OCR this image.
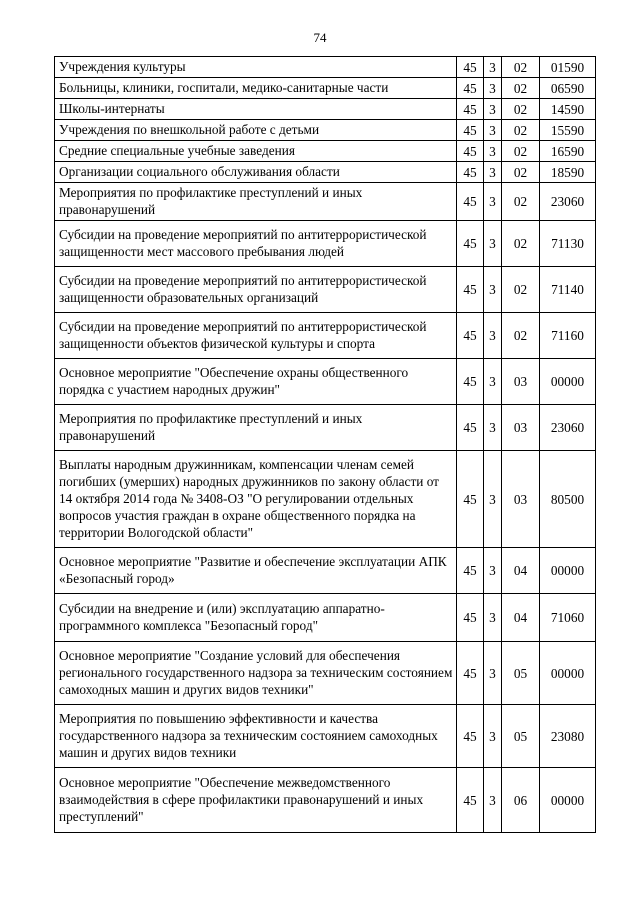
74
Учреждения культуры	45	3	02	01590
Больницы, клиники, госпитали, медико-санитарные части	45	3	02	06590
Школы-интернаты	45	3	02	14590
Учреждения по внешкольной работе с детьми	45	3	02	15590
Средние специальные учебные заведения	45	3	02	16590
Организации социального обслуживания области	45	3	02	18590
Мероприятия по профилактике преступлений и иных правонарушений	45	3	02	23060
Субсидии на проведение мероприятий по антитеррористической защищенности мест массового пребывания людей	45	3	02	71130
Субсидии на проведение мероприятий по антитеррористической защищенности образовательных организаций	45	3	02	71140
Субсидии на проведение мероприятий по антитеррористической защищенности объектов физической культуры и спорта	45	3	02	71160
Основное мероприятие "Обеспечение охраны общественного порядка с участием народных дружин"	45	3	03	00000
Мероприятия по профилактике преступлений и иных правонарушений	45	3	03	23060
Выплаты народным дружинникам, компенсации членам семей погибших (умерших) народных дружинников по закону области от 14 октября 2014 года № 3408-ОЗ "О регулировании отдельных вопросов участия граждан в охране общественного порядка на территории Вологодской области"	45	3	03	80500
Основное мероприятие "Развитие и обеспечение эксплуатации АПК «Безопасный город»	45	3	04	00000
Субсидии на внедрение и (или) эксплуатацию аппаратно-программного комплекса "Безопасный город"	45	3	04	71060
Основное мероприятие "Создание условий для обеспечения регионального государственного надзора за техническим состоянием самоходных машин и других видов техники"	45	3	05	00000
Мероприятия по повышению эффективности и качества государственного надзора за техническим состоянием самоходных машин и других видов техники	45	3	05	23080
Основное мероприятие "Обеспечение межведомственного взаимодействия в сфере профилактики правонарушений и иных преступлений"	45	3	06	00000
